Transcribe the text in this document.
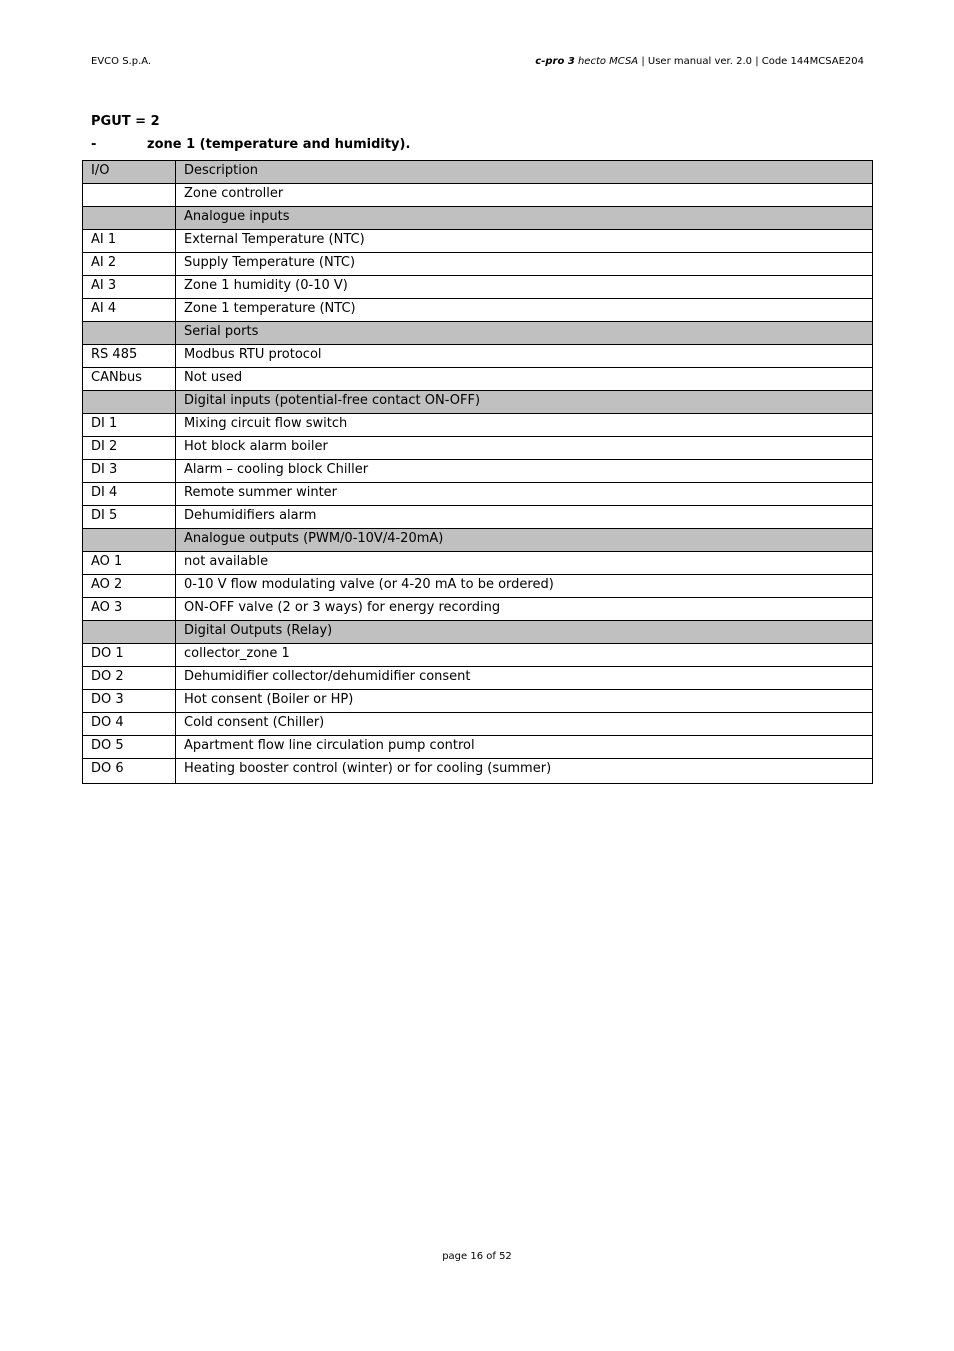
EVCO S.p.A.	c-pro 3 hecto MCSA | User manual ver. 2.0 | Code 144MCSAE204
PGUT = 2
-	zone 1 (temperature and humidity).
I/O	Description
	Zone controller
	Analogue inputs
AI 1	External Temperature (NTC)
AI 2	Supply Temperature (NTC)
AI 3	Zone 1 humidity (0-10 V)
AI 4	Zone 1 temperature (NTC)
	Serial ports
RS 485	Modbus RTU protocol
CANbus	Not used
	Digital inputs (potential-free contact ON-OFF)
DI 1	Mixing circuit flow switch
DI 2	Hot block alarm boiler
DI 3	Alarm – cooling block Chiller
DI 4	Remote summer winter
DI 5	Dehumidifiers alarm
	Analogue outputs (PWM/0-10V/4-20mA)
AO 1	not available
AO 2	0-10 V flow modulating valve (or 4-20 mA to be ordered)
AO 3	ON-OFF valve (2 or 3 ways) for energy recording
	Digital Outputs (Relay)
DO 1	collector_zone 1
DO 2	Dehumidifier collector/dehumidifier consent
DO 3	Hot consent (Boiler or HP)
DO 4	Cold consent (Chiller)
DO 5	Apartment flow line circulation pump control
DO 6	Heating booster control (winter) or for cooling (summer)
page 16 of 52
